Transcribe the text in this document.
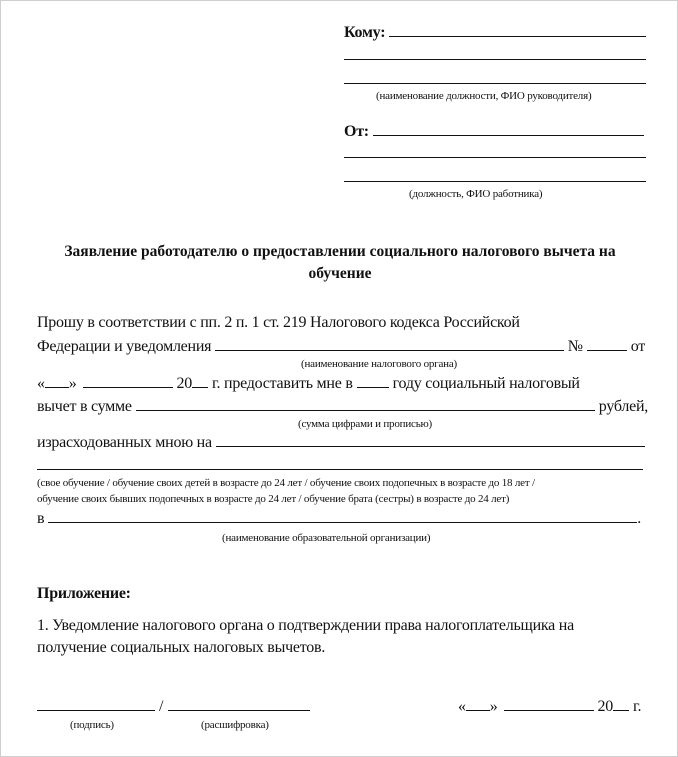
Кому:
(наименование должности, ФИО руководителя)
От:
(должность, ФИО работника)
Заявление работодателю о предоставлении социального налогового вычета на
обучение
Прошу в соответствии с пп. 2 п. 1 ст. 219 Налогового кодекса Российской
Федерации и уведомления	№	от
(наименование налогового органа)
« »	20 г. предоставить мне в	году социальный налоговый
вычет в сумме	рублей,
(сумма цифрами и прописью)
израсходованных мною на
(свое обучение / обучение своих детей в возрасте до 24 лет / обучение своих подопечных в возрасте до 18 лет /
обучение своих бывших подопечных в возрасте до 24 лет / обучение брата (сестры) в возрасте до 24 лет)
в	.
(наименование образовательной организации)
Приложение:
1. Уведомление налогового органа о подтверждении права налогоплательщика на
получение социальных налоговых вычетов.
/
(подпись)	(расшифровка)
« »	20 г.
